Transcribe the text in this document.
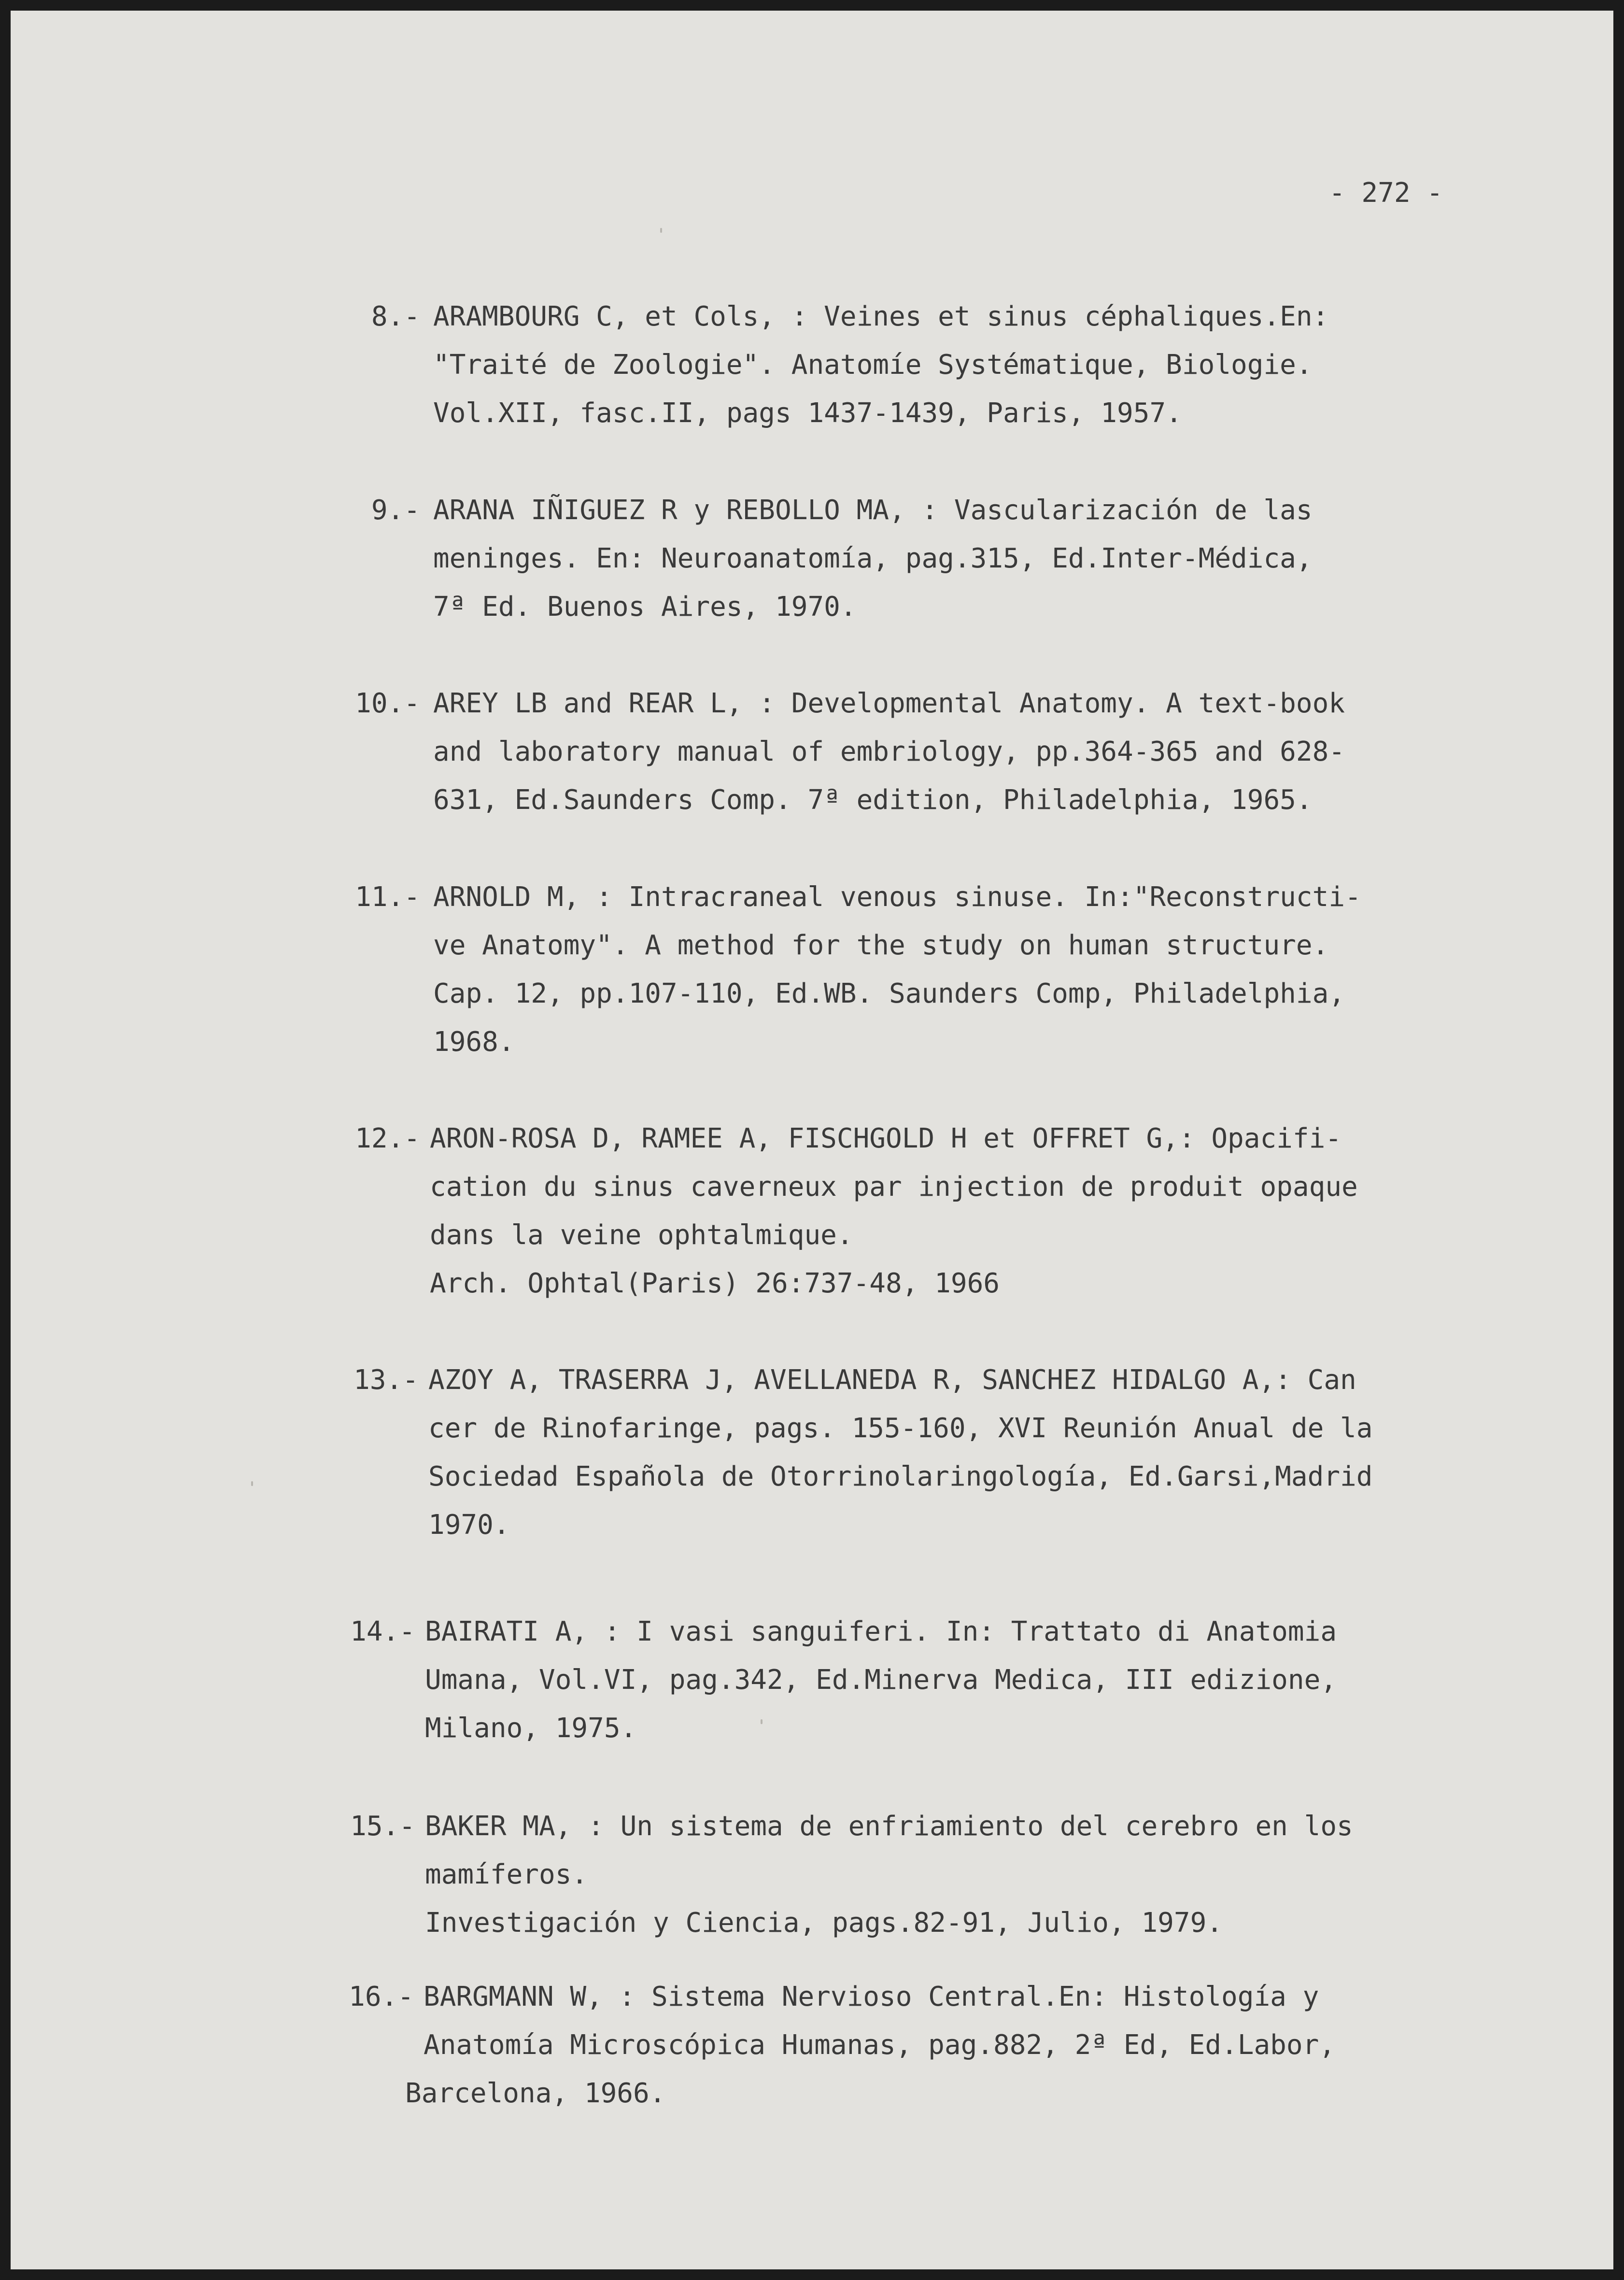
- 272 -
8.- ARAMBOURG C, et Cols, : Veines et sinus céphaliques.En:
"Traité de Zoologie". Anatomíe Systématique, Biologie.
Vol.XII, fasc.II, pags 1437-1439, Paris, 1957.
9.- ARANA IÑIGUEZ R y REBOLLO MA, : Vascularización de las
meninges. En: Neuroanatomía, pag.315, Ed.Inter-Médica,
7ª Ed. Buenos Aires, 1970.
10.- AREY LB and REAR L, : Developmental Anatomy. A text-book
and laboratory manual of embriology, pp.364-365 and 628-
631, Ed.Saunders Comp. 7ª edition, Philadelphia, 1965.
11.- ARNOLD M, : Intracraneal venous sinuse. In:"Reconstructi-
ve Anatomy". A method for the study on human structure.
Cap. 12, pp.107-110, Ed.WB. Saunders Comp, Philadelphia,
1968.
12.- ARON-ROSA D, RAMEE A, FISCHGOLD H et OFFRET G,: Opacifi-
cation du sinus caverneux par injection de produit opaque
dans la veine ophtalmique.
Arch. Ophtal(Paris) 26:737-48, 1966
13.- AZOY A, TRASERRA J, AVELLANEDA R, SANCHEZ HIDALGO A,: Can
cer de Rinofaringe, pags. 155-160, XVI Reunión Anual de la
Sociedad Española de Otorrinolaringología, Ed.Garsi,Madrid
1970.
14.- BAIRATI A, : I vasi sanguiferi. In: Trattato di Anatomia
Umana, Vol.VI, pag.342, Ed.Minerva Medica, III edizione,
Milano, 1975.
15.- BAKER MA, : Un sistema de enfriamiento del cerebro en los
mamíferos.
Investigación y Ciencia, pags.82-91, Julio, 1979.
16.- BARGMANN W, : Sistema Nervioso Central.En: Histología y
Anatomía Microscópica Humanas, pag.882, 2ª Ed, Ed.Labor,
Barcelona, 1966.
